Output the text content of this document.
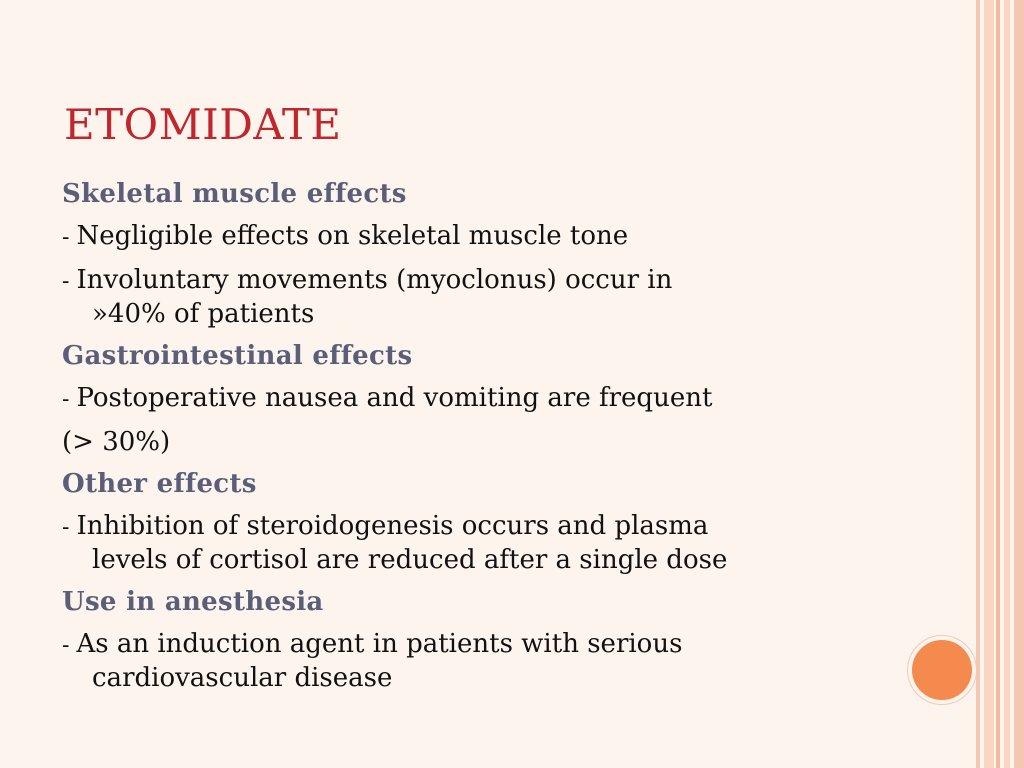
ETOMIDATE
Skeletal muscle effects
- Negligible effects on skeletal muscle tone
- Involuntary movements (myoclonus) occur in
»40% of patients
Gastrointestinal effects
- Postoperative nausea and vomiting are frequent
(> 30%)
Other effects
- Inhibition of steroidogenesis occurs and plasma
levels of cortisol are reduced after a single dose
Use in anesthesia
- As an induction agent in patients with serious
cardiovascular disease
